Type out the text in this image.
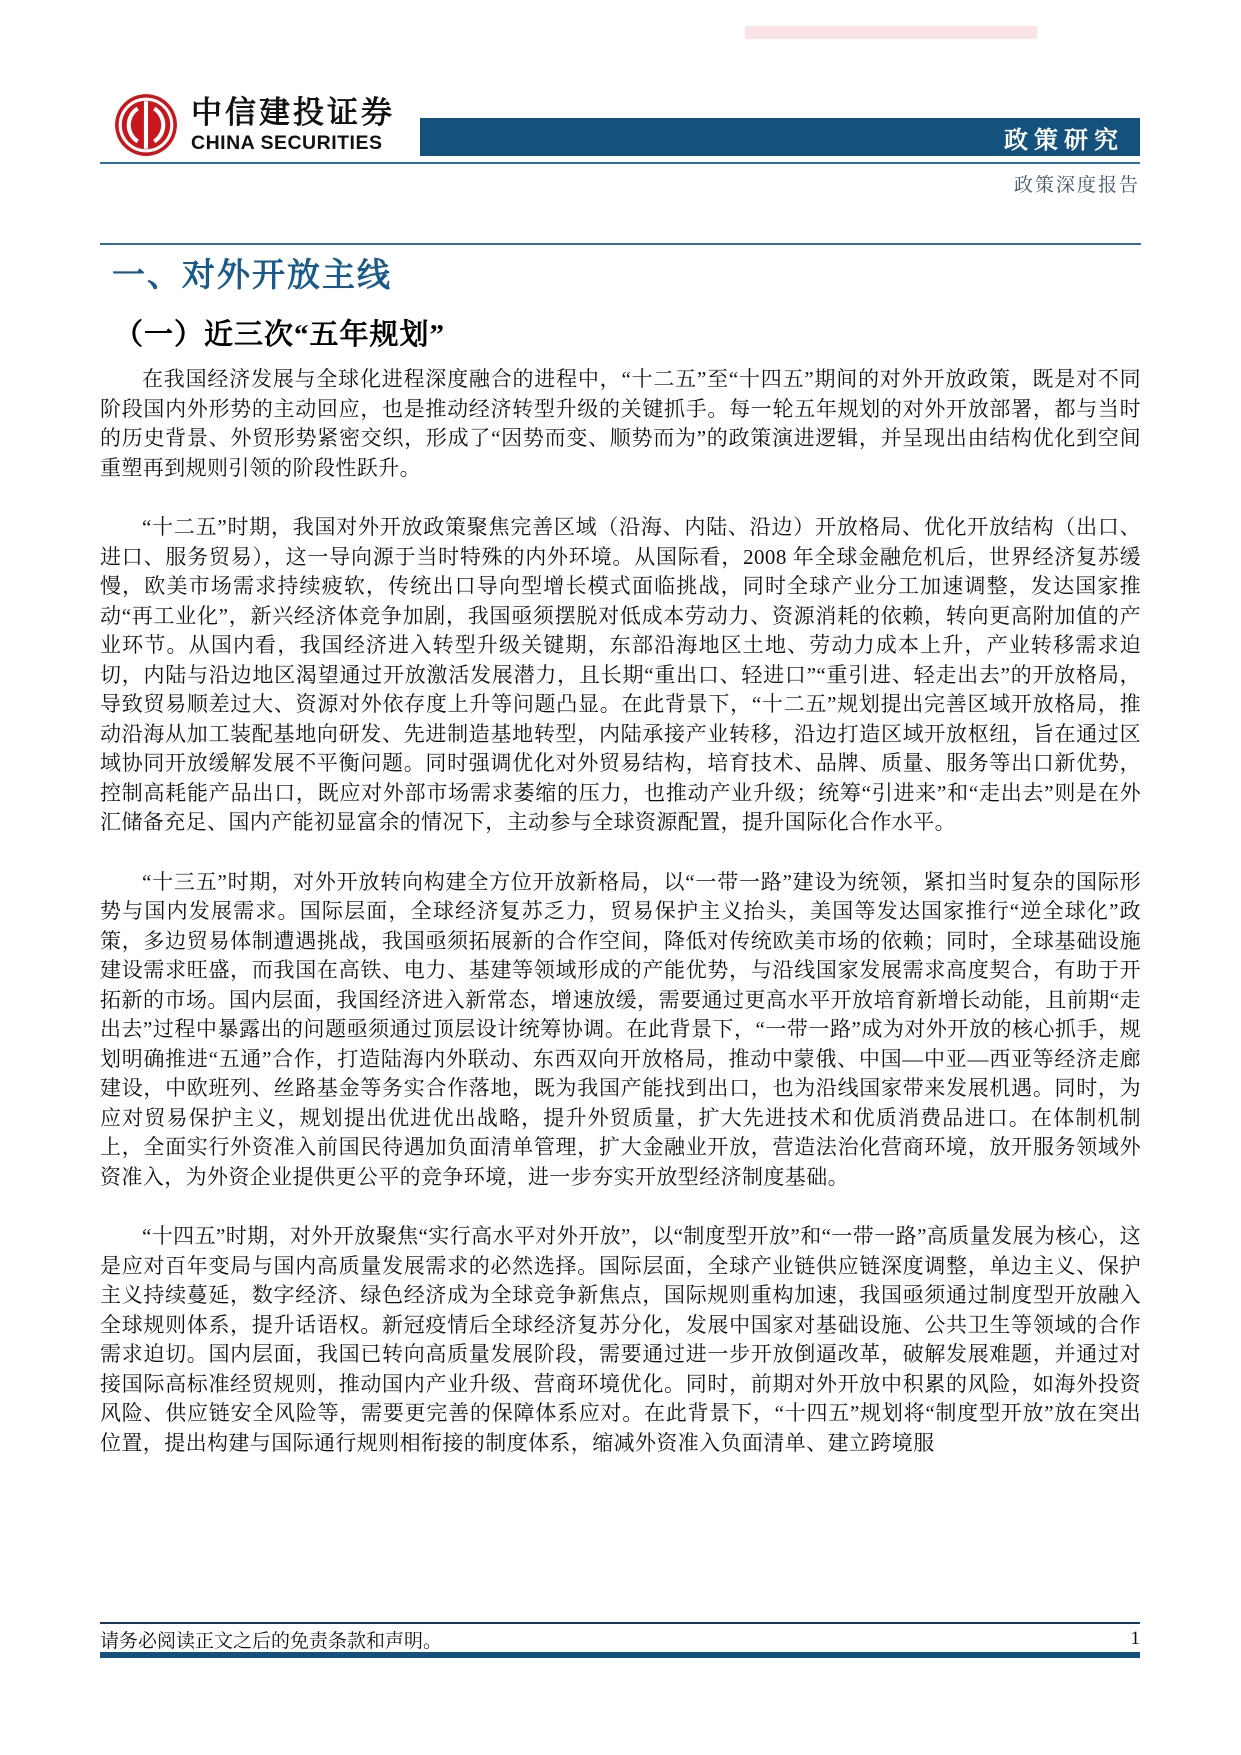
中信建投证券
CHINA SECURITIES	政策研究
政策深度报告
一、对外开放主线
（一）近三次“五年规划”

在我国经济发展与全球化进程深度融合的进程中，“十二五”至“十四五”期间的对外开放政策，既是对不同阶段国内外形势的主动回应，也是推动经济转型升级的关键抓手。每一轮五年规划的对外开放部署，都与当时的历史背景、外贸形势紧密交织，形成了“因势而变、顺势而为”的政策演进逻辑，并呈现出由结构优化到空间重塑再到规则引领的阶段性跃升。

“十二五”时期，我国对外开放政策聚焦完善区域（沿海、内陆、沿边）开放格局、优化开放结构（出口、进口、服务贸易），这一导向源于当时特殊的内外环境。从国际看，2008 年全球金融危机后，世界经济复苏缓慢，欧美市场需求持续疲软，传统出口导向型增长模式面临挑战，同时全球产业分工加速调整，发达国家推动“再工业化”，新兴经济体竞争加剧，我国亟须摆脱对低成本劳动力、资源消耗的依赖，转向更高附加值的产业环节。从国内看，我国经济进入转型升级关键期，东部沿海地区土地、劳动力成本上升，产业转移需求迫切，内陆与沿边地区渴望通过开放激活发展潜力，且长期“重出口、轻进口”“重引进、轻走出去”的开放格局，导致贸易顺差过大、资源对外依存度上升等问题凸显。在此背景下，“十二五”规划提出完善区域开放格局，推动沿海从加工装配基地向研发、先进制造基地转型，内陆承接产业转移，沿边打造区域开放枢纽，旨在通过区域协同开放缓解发展不平衡问题。同时强调优化对外贸易结构，培育技术、品牌、质量、服务等出口新优势，控制高耗能产品出口，既应对外部市场需求萎缩的压力，也推动产业升级；统筹“引进来”和“走出去”则是在外汇储备充足、国内产能初显富余的情况下，主动参与全球资源配置，提升国际化合作水平。

“十三五”时期，对外开放转向构建全方位开放新格局，以“一带一路”建设为统领，紧扣当时复杂的国际形势与国内发展需求。国际层面，全球经济复苏乏力，贸易保护主义抬头，美国等发达国家推行“逆全球化”政策，多边贸易体制遭遇挑战，我国亟须拓展新的合作空间，降低对传统欧美市场的依赖；同时，全球基础设施建设需求旺盛，而我国在高铁、电力、基建等领域形成的产能优势，与沿线国家发展需求高度契合，有助于开拓新的市场。国内层面，我国经济进入新常态，增速放缓，需要通过更高水平开放培育新增长动能，且前期“走出去”过程中暴露出的问题亟须通过顶层设计统筹协调。在此背景下，“一带一路”成为对外开放的核心抓手，规划明确推进“五通”合作，打造陆海内外联动、东西双向开放格局，推动中蒙俄、中国—中亚—西亚等经济走廊建设，中欧班列、丝路基金等务实合作落地，既为我国产能找到出口，也为沿线国家带来发展机遇。同时，为应对贸易保护主义，规划提出优进优出战略，提升外贸质量，扩大先进技术和优质消费品进口。在体制机制上，全面实行外资准入前国民待遇加负面清单管理，扩大金融业开放，营造法治化营商环境，放开服务领域外资准入，为外资企业提供更公平的竞争环境，进一步夯实开放型经济制度基础。

“十四五”时期，对外开放聚焦“实行高水平对外开放”，以“制度型开放”和“一带一路”高质量发展为核心，这是应对百年变局与国内高质量发展需求的必然选择。国际层面，全球产业链供应链深度调整，单边主义、保护主义持续蔓延，数字经济、绿色经济成为全球竞争新焦点，国际规则重构加速，我国亟须通过制度型开放融入全球规则体系，提升话语权。新冠疫情后全球经济复苏分化，发展中国家对基础设施、公共卫生等领域的合作需求迫切。国内层面，我国已转向高质量发展阶段，需要通过进一步开放倒逼改革，破解发展难题，并通过对接国际高标准经贸规则，推动国内产业升级、营商环境优化。同时，前期对外开放中积累的风险，如海外投资风险、供应链安全风险等，需要更完善的保障体系应对。在此背景下，“十四五”规划将“制度型开放”放在突出位置，提出构建与国际通行规则相衔接的制度体系，缩减外资准入负面清单、建立跨境服

请务必阅读正文之后的免责条款和声明。	1
